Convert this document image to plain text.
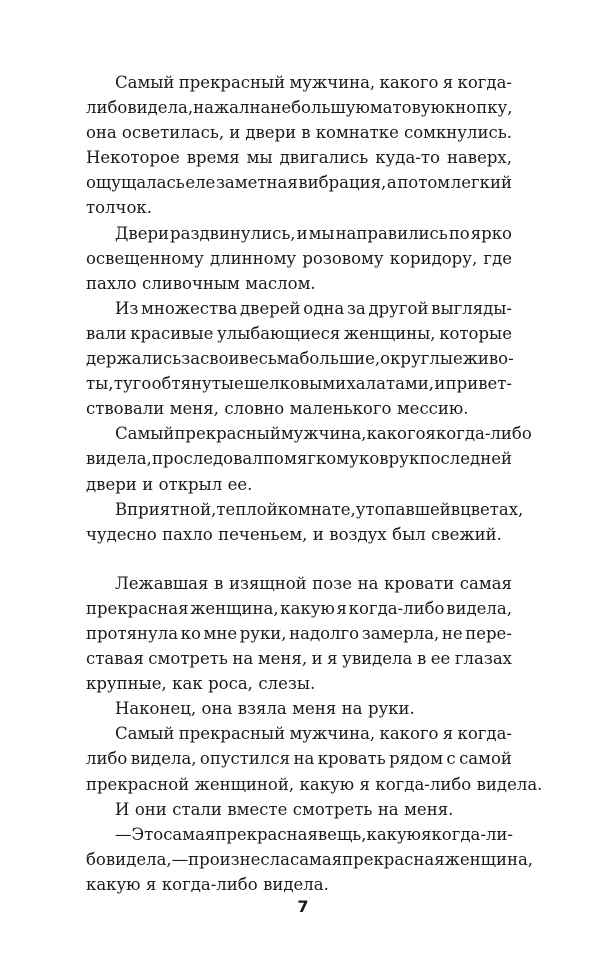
Самый прекрасный мужчина, какого я когда-
либо видела, нажал на небольшую матовую кнопку,
она осветилась, и двери в комнатке сомкнулись.
Некоторое время мы двигались куда-то наверх,
ощущалась еле заметная вибрация, а потом легкий
толчок.
Двери раздвинулись, и мы направились по ярко
освещенному длинному розовому коридору, где
пахло сливочным маслом.
Из множества дверей одна за другой выгляды-
вали красивые улыбающиеся женщины, которые
держались за свои весьма большие, округлые живо-
ты, туго обтянутые шелковыми халатами, и привет-
ствовали меня, словно маленького мессию.
Самый прекрасный мужчина, какого я когда-либо
видела, проследовал по мягкому ковру к последней
двери и открыл ее.
В приятной, теплой комнате, утопавшей в цветах,
чудесно пахло печеньем, и воздух был свежий.
Лежавшая в изящной позе на кровати самая
прекрасная женщина, какую я когда-либо видела,
протянула ко мне руки, надолго замерла, не пере-
ставая смотреть на меня, и я увидела в ее глазах
крупные, как роса, слезы.
Наконец, она взяла меня на руки.
Самый прекрасный мужчина, какого я когда-
либо видела, опустился на кровать рядом с самой
прекрасной женщиной, какую я когда-либо видела.
И они стали вместе смотреть на меня.
— Это самая прекрасная вещь, какую я когда-ли-
бо видела, — произнесла самая прекрасная женщина,
какую я когда-либо видела.
7
